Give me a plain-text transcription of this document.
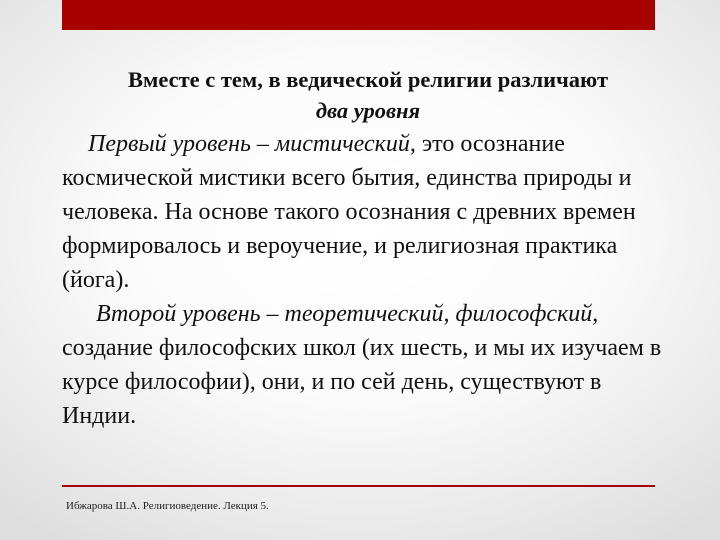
Вместе с тем, в ведической религии различают
два уровня

Первый уровень – мистический, это осознание космической мистики всего бытия, единства природы и человека. На основе такого осознания с древних времен формировалось и вероучение, и религиозная практика (йога).

Второй уровень – теоретический, философский, создание философских школ (их шесть, и мы их изучаем в курсе философии), они, и по сей день, существуют в Индии.

Ибжарова Ш.А. Религиоведение. Лекция 5.
